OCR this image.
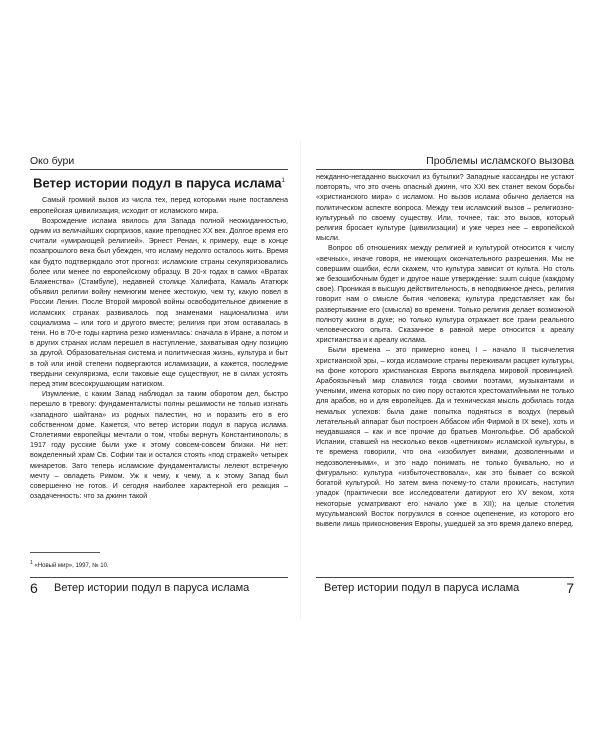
Око бури
Ветер истории подул в паруса ислама$^1$

Самый громкий вызов из числа тех, перед которыми ныне поставлена европейская цивилизация, исходит от исламского мира.

Возрождение ислама явилось для Запада полной неожиданностью, одним из величайших сюрпризов, какие преподнес XX век. Долгое время его считали «умирающей религией». Эрнест Ренан, к примеру, еще в конце позапрошлого века был убежден, что исламу недолго осталось жить. Время как будто подтверждало этот прогноз: исламские страны секуляризовались более или менее по европейскому образцу. В 20-х годах в самих «Вратах Блаженства» (Стамбуле), недавней столице Халифата, Камаль Ататюрк объявил религии войну немногим менее жестокую, чем ту, какую повел в России Ленин. После Второй мировой войны освободительное движение в исламских странах развивалось под знаменами национализма или социализма – или того и другого вместе; религия при этом оставалась в тени. Но в 70-е годы картина резко изменилась: сначала в Иране, а потом и в других странах ислам перешел в наступление, захватывая одну позицию за другой. Образовательная система и политическая жизнь, культура и быт в той или иной степени подвергаются исламизации, а кажется, последние твердыни секуляризма, если таковые еще существуют, не в силах устоять перед этим всесокрушающим натиском.

Изумление, с каким Запад наблюдал за таким оборотом дел, быстро перешло в тревогу: фундаменталисты полны решимости не только изгнать «западного шайтана» из родных палестин, но и поразить его в его собственном доме. Кажется, что ветер истории подул в паруса ислама. Столетиями европейцы мечтали о том, чтобы вернуть Константинополь; в 1917 году русские были уже к этому совсем-совсем близки. Ни нет: вожделенный храм Св. Софии так и остался стоять «под стражей» четырех минаретов. Зато теперь исламские фундаменталисты лелеют встречную мечту – овладеть Римом. Уж к чему, к чему, а к этому Запад был совершенно не готов. И сегодня наиболее характерной его реакция – озадаченность: что за джинн такой

$^1$ «Новый мир», 1997, № 10.

6 Ветер истории подул в паруса ислама
Проблемы исламского вызова

нежданно-негаданно выскочил из бутылки? Западные кассандры не устают повторять, что это очень опасный джинн, что XXI век станет веком борьбы «христианского мира» с исламом. Но вызов ислама обычно делается на политическом аспекте вопроса. Между тем исламский вызов – религиозно-культурный по своему существу. Или, точнее, так: это вызов, который религия бросает культуре (цивилизации) и уже через нее – европейской мысли.

Вопрос об отношениях между религией и культурой относится к числу «вечных», иначе говоря, не имеющих окончательного разрешения. Мы не совершим ошибки, если скажем, что культура зависит от культа. Но столь же безошибочным будет и другое наше утверждение: suum cuique (каждому свое). Проникая в высшую действительность, в неподвижное днесь, религия говорит нам о смысле бытия человека; культура представляет как бы развертывание его (смысла) во времени. Только религия делает возможной полноту жизни в духе; но только культура отражает все грани реального человеческого опыта. Сказанное в равной мере относится к ареалу христианства и к ареалу ислама.

Были времена – это примерно конец I – начало II тысячелетия христианской эры, – когда исламские страны переживали расцвет культуры, на фоне которого христианская Европа выглядела мировой провинцией. Арабоязычный мир славился тогда своими поэтами, музыкантами и учеными, имена которых по сию пору остаются хрестоматийными не только для арабов, но и для европейцев. Да и техническая мысль добилась тогда немалых успехов: была даже попытка подняться в воздух (первый летательный аппарат был построен Аббасом ибн Фирмой в IX веке), хоть и неудавшаяся – как и все прочие до братьев Монгольфье. Об арабской Испании, ставшей на несколько веков «цветником» исламской культуры, в те времена говорили, что она «изобилует винами, дозволенными и недозволенными», и это надо понимать не только буквально, но и фигурально: культура «избыточествовала», как это бывает со всякой богатой культурой. Но затем вина почему-то стали прокисать, наступил упадок (практически все исследователи датируют его XV веком, хотя некоторые усматривают его начало уже в XII); на целые столетия мусульманский Восток погрузился в сонное оцепенение, из которого его вывели лишь прикосновения Европы, ушедшей за это время далеко вперед.

Ветер истории подул в паруса ислама	7
